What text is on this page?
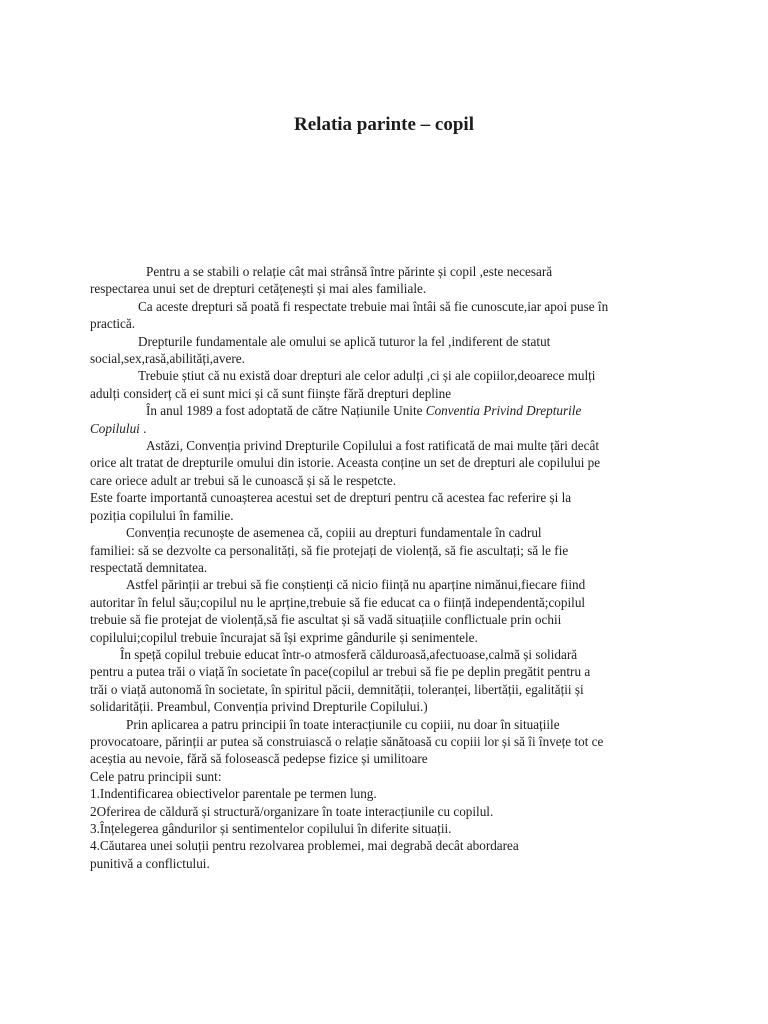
Relatia parinte – copil

Pentru a se stabili o relație cât mai strânsă între părinte și copil ,este necesară

respectarea unui set de drepturi cetățenești și mai ales familiale.

Ca aceste drepturi să poată fi respectate trebuie mai întâi să fie cunoscute,iar apoi puse în

practică.

Drepturile fundamentale ale omului se aplică tuturor la fel ,indiferent de statut

social,sex,rasă,abilități,avere.

Trebuie știut că nu există doar drepturi ale celor adulți ,ci și ale copiilor,deoarece mulți

adulți considerț că ei sunt mici și că sunt fiinște fără drepturi depline

În anul 1989 a fost adoptată de către Națiunile Unite Conventia Privind Drepturile

Copilului .

Astăzi, Convenția privind Drepturile Copilului a fost ratificată de mai multe țări decât

orice alt tratat de drepturile omului din istorie. Aceasta conține un set de drepturi ale copilului pe

care oriece adult ar trebui să le cunoască și să le respetcte.

Este foarte importantă cunoașterea acestui set de drepturi pentru că acestea fac referire și la

poziția copilului în familie.

Convenția recunoște de asemenea că, copiii au drepturi fundamentale în cadrul

familiei: să se dezvolte ca personalități, să fie protejați de violență, să fie ascultați; să le fie

respectată demnitatea.

Astfel părinții ar trebui să fie conștienți că nicio ființă nu aparține nimănui,fiecare fiind

autoritar în felul său;copilul nu le aprține,trebuie să fie educat ca o ființă independentă;copilul

trebuie să fie protejat de violență,să fie ascultat și să vadă situațiile conflictuale prin ochii

copilului;copilul trebuie încurajat să își exprime gândurile și senimentele.

În speță copilul trebuie educat într-o atmosferă călduroasă,afectuoase,calmă și solidară

pentru a putea trăi o viață în societate în pace(copilul ar trebui să fie pe deplin pregătit pentru a

trăi o viață autonomă în societate, în spiritul păcii, demnității, toleranței, libertății, egalității și

solidarității. Preambul, Convenția privind Drepturile Copilului.)

Prin aplicarea a patru principii în toate interacțiunile cu copiii, nu doar în situațiile

provocatoare, părinții ar putea să construiască o relație sănătoasă cu copiii lor și să îi învețe tot ce

aceștia au nevoie, fără să folosească pedepse fizice și umilitoare

Cele patru principii sunt:

1.Indentificarea obiectivelor parentale pe termen lung.

2Oferirea de căldură și structură/organizare în toate interacțiunile cu copilul.

3.Înțelegerea gândurilor și sentimentelor copilului în diferite situații.

4.Căutarea unei soluții pentru rezolvarea problemei, mai degrabă decât abordarea

punitivă a conflictului.
